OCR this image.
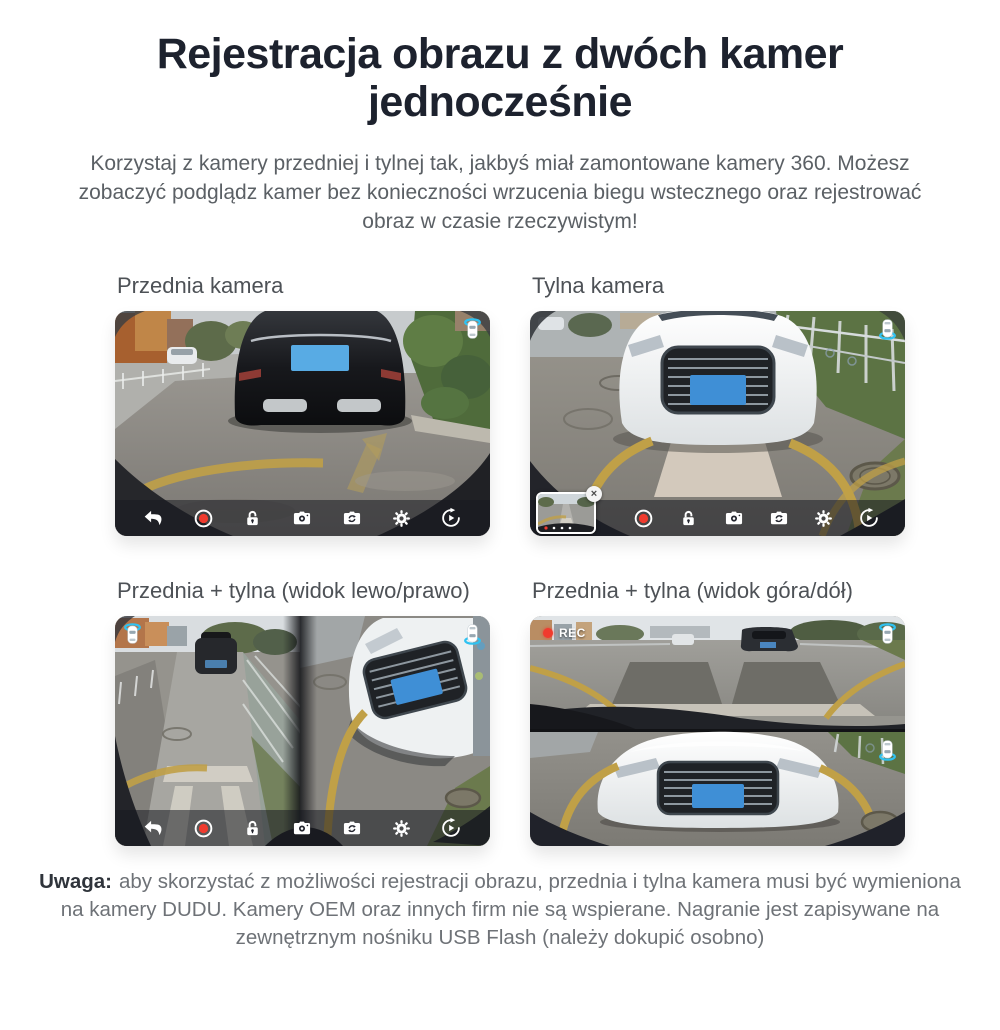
Rejestracja obrazu z dwóch kamer jednocześnie

Korzystaj z kamery przedniej i tylnej tak, jakbyś miał zamontowane kamery 360. Możesz zobaczyć podglądz kamer bez konieczności wrzucenia biegu wstecznego oraz rejestrować obraz w czasie rzeczywistym!

Przednia kamera	Tylna kamera
×
Przednia + tylna (widok lewo/prawo)	Przednia + tylna (widok góra/dół)
REC

Uwaga: aby skorzystać z możliwości rejestracji obrazu, przednia i tylna kamera musi być wymieniona na kamery DUDU. Kamery OEM oraz innych firm nie są wspierane. Nagranie jest zapisywane na zewnętrznym nośniku USB Flash (należy dokupić osobno)
